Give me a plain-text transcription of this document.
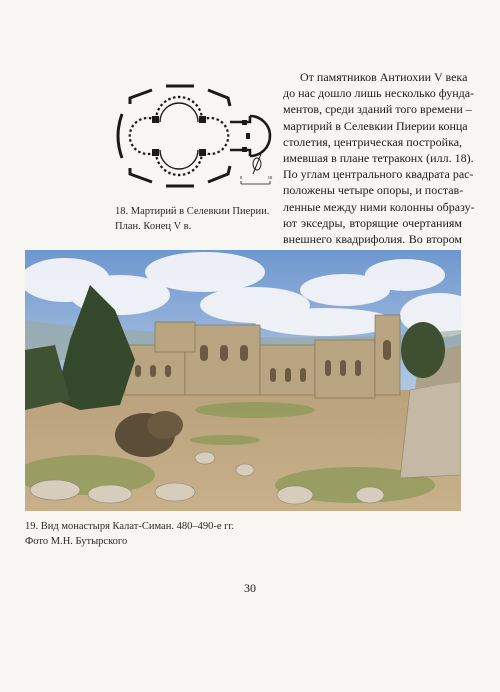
0	10
18. Мартирий в Селевкии Пиерии.
План. Конец V в.
От памятников Антиохии V века
до нас дошло лишь несколько фунда-
ментов, среди зданий того времени –
мартирий в Селевкии Пиерии конца
столетия, центрическая постройка,
имевшая в плане тетраконх (илл. 18).
По углам центрального квадрата рас-
положены четыре опоры, и постав-
ленные между ними колонны образу-
ют экседры, вторящие очертаниям
внешнего квадрифолия. Во втором
19. Вид монастыря Калат-Симан. 480–490-е гг.
Фото М.Н. Бутырского
30
